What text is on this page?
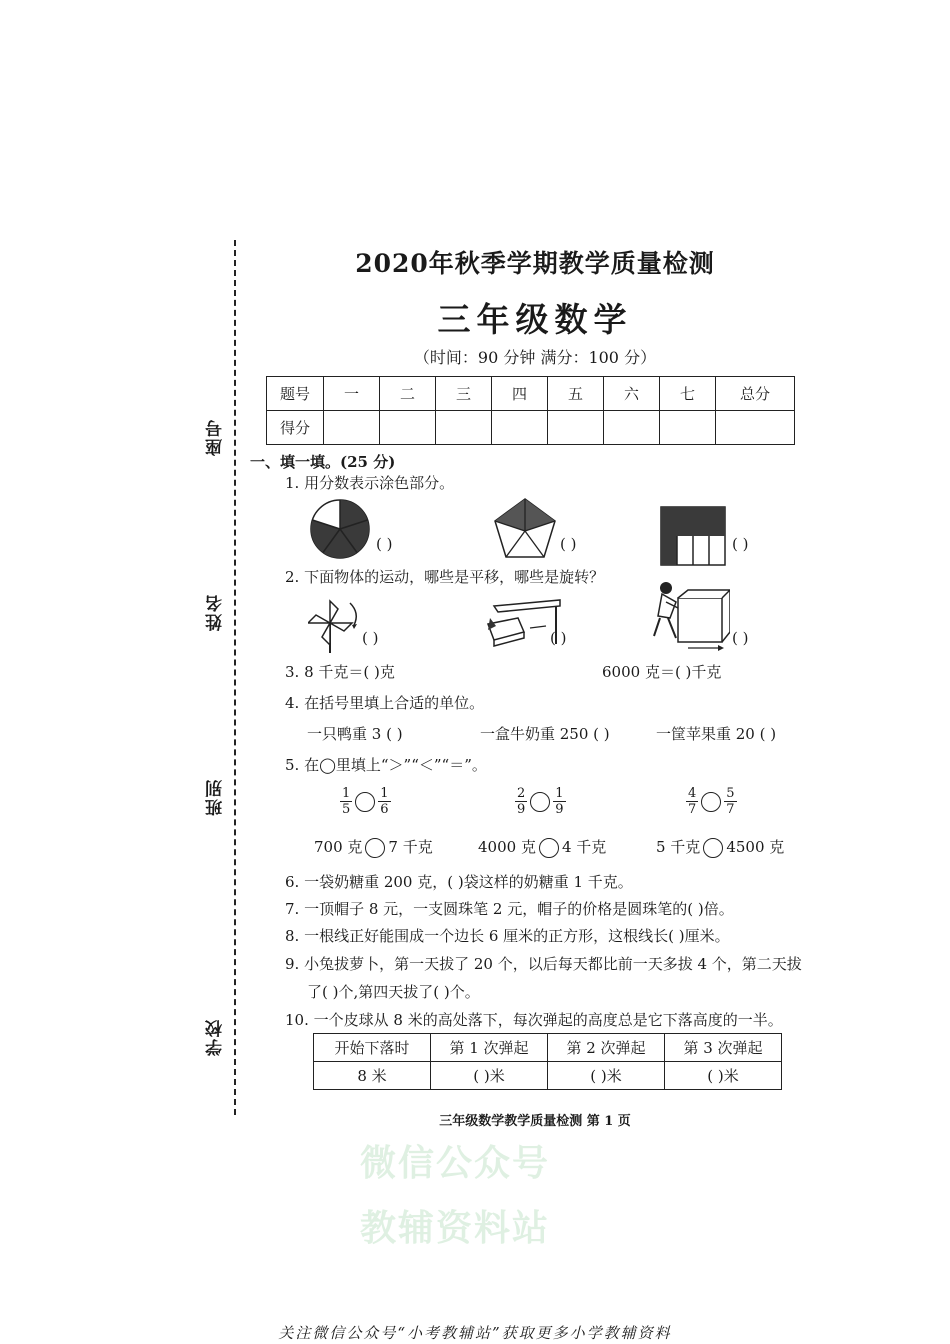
座号
姓名
班别
学校
2020年秋季学期教学质量检测
三年级数学
（时间：90 分钟 满分：100 分）
题号	一	二	三	四	五	六	七	总分
得分								
一、填一填。(25 分)
1. 用分数表示涂色部分。
( )	( )	( )
2. 下面物体的运动，哪些是平移，哪些是旋转？
( )	( )	( )
3. 8 千克＝( )克	6000 克＝( )千克
4. 在括号里填上合适的单位。
一只鸭重 3 ( )	一盒牛奶重 250 ( )	一筐苹果重 20 ( )
5. 在◯里填上“＞”“＜”“＝”。
$\frac{1}{5} \frac{1}{6}$	$\frac{2}{9} \frac{1}{9}$	$\frac{4}{7} \frac{5}{7}$
700 克 7 千克	4000 克 4 千克	5 千克 4500 克
6. 一袋奶糖重 200 克，( )袋这样的奶糖重 1 千克。
7. 一顶帽子 8 元，一支圆珠笔 2 元，帽子的价格是圆珠笔的( )倍。
8. 一根线正好能围成一个边长 6 厘米的正方形，这根线长( )厘米。
9. 小兔拔萝卜，第一天拔了 20 个，以后每天都比前一天多拔 4 个，第二天拔
了( )个,第四天拔了( )个。
10. 一个皮球从 8 米的高处落下，每次弹起的高度总是它下落高度的一半。
开始下落时	第 1 次弹起	第 2 次弹起	第 3 次弹起
8 米	( )米	( )米	( )米
三年级数学教学质量检测 第 1 页
微信公众号
教辅资料站
关注微信公众号“小考教辅站”获取更多小学教辅资料
